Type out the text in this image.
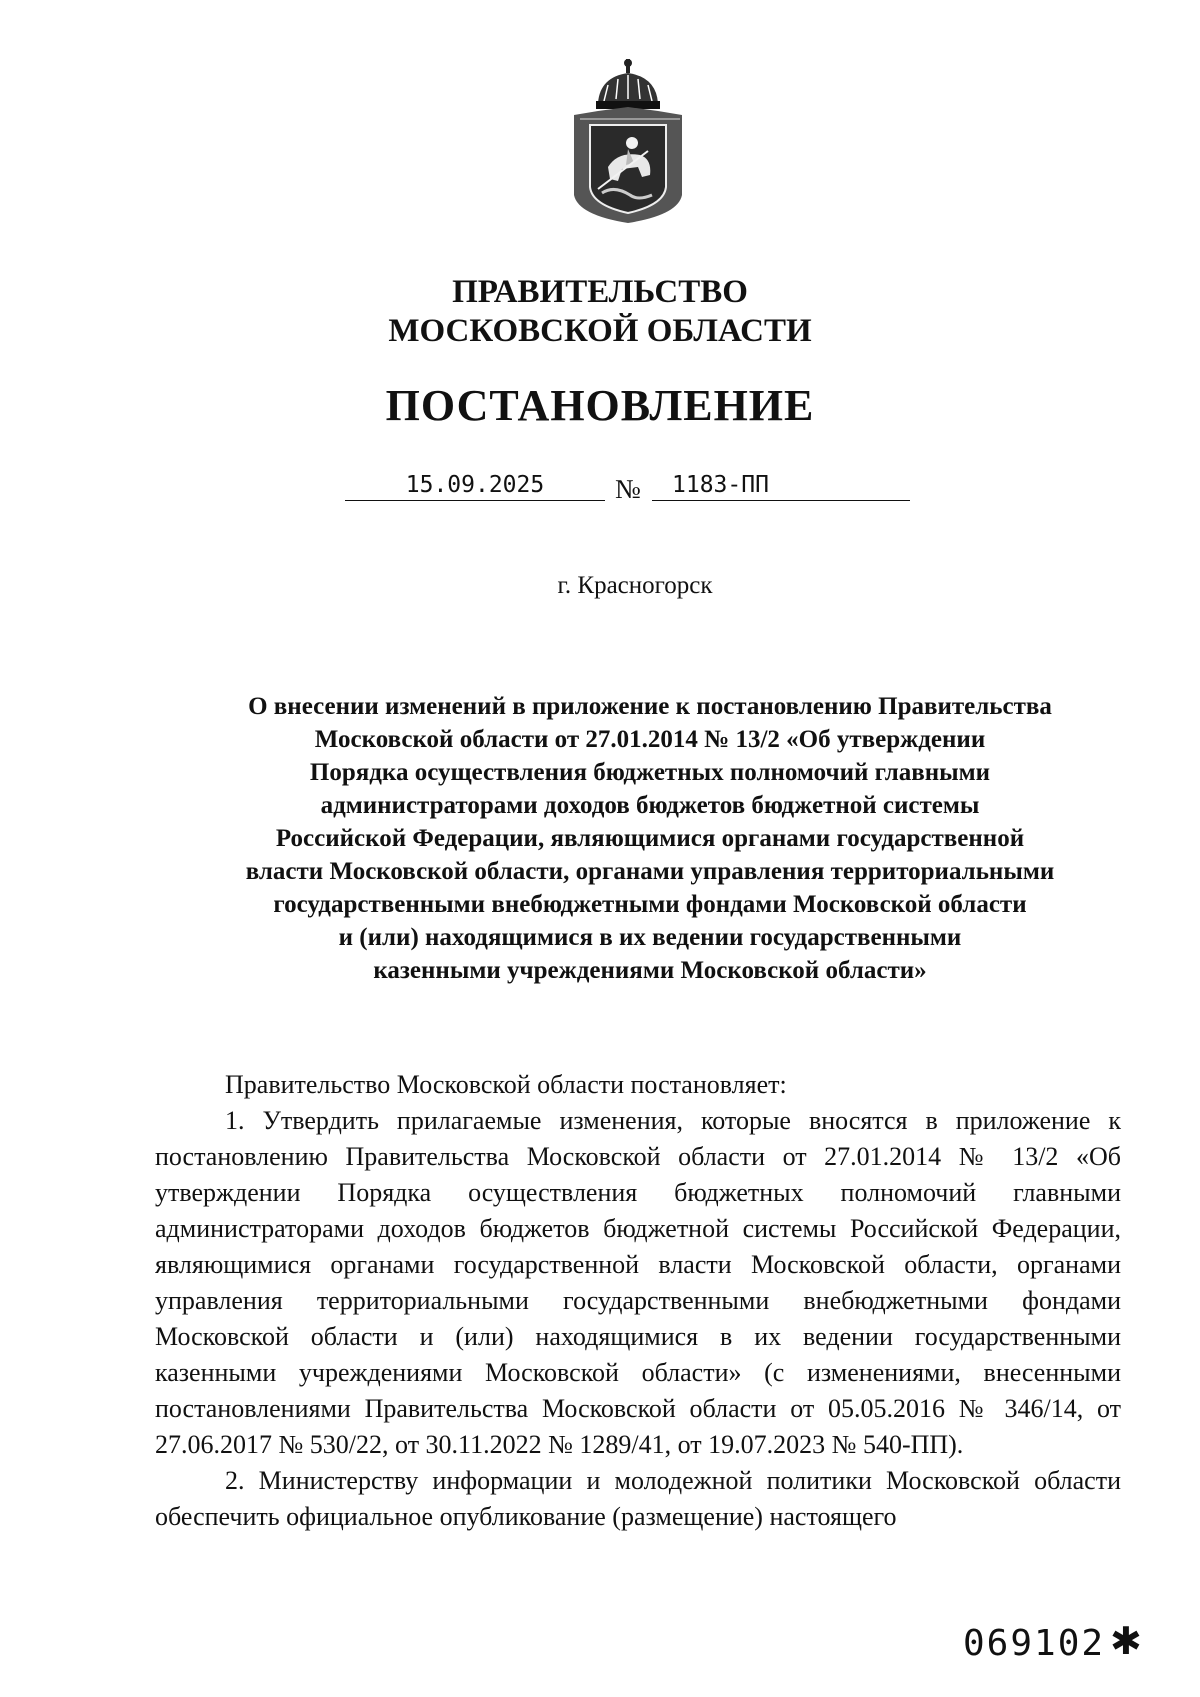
ПРАВИТЕЛЬСТВО
МОСКОВСКОЙ ОБЛАСТИ
ПОСТАНОВЛЕНИЕ
15.09.2025	№ 1183-ПП
г. Красногорск
О внесении изменений в приложение к постановлению Правительства
Московской области от 27.01.2014 № 13/2 «Об утверждении
Порядка осуществления бюджетных полномочий главными
администраторами доходов бюджетов бюджетной системы
Российской Федерации, являющимися органами государственной
власти Московской области, органами управления территориальными
государственными внебюджетными фондами Московской области
и (или) находящимися в их ведении государственными
казенными учреждениями Московской области»

Правительство Московской области постановляет:

1. Утвердить прилагаемые изменения, которые вносятся в приложение к постановлению Правительства Московской области от 27.01.2014 № 13/2 «Об утверждении Порядка осуществления бюджетных полномочий главными администраторами доходов бюджетов бюджетной системы Российской Федерации, являющимися органами государственной власти Московской области, органами управления территориальными государственными внебюджетными фондами Московской области и (или) находящимися в их ведении государственными казенными учреждениями Московской области» (с изменениями, внесенными постановлениями Правительства Московской области от 05.05.2016 № 346/14, от 27.06.2017 № 530/22, от 30.11.2022 № 1289/41, от 19.07.2023 № 540-ПП).

2. Министерству информации и молодежной политики Московской области обеспечить официальное опубликование (размещение) настоящего

069102 ✱
